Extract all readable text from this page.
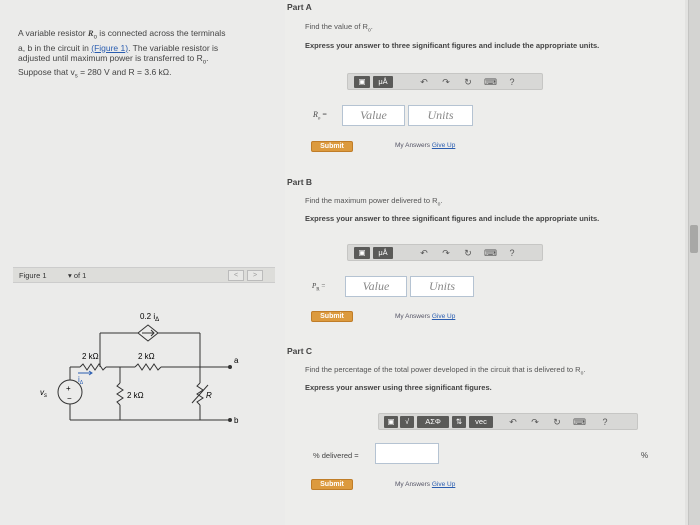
A variable resistor $R_o$ is connected across the terminals
a, b in the circuit in (Figure 1). The variable resistor is
adjusted until maximum power is transferred to $R_o$.
Suppose that $v_s = 280$ V and R = 3.6 kΩ.
Figure 1	▾ of 1	<	>
0.2 $i_\Delta$
2 kΩ	2 kΩ
2 kΩ	R
$i_\Delta$
$v_s$
+
−
a
b
Part A
Find the value of $R_o$.
Express your answer to three significant figures and include the appropriate units.
▣	μÅ	↶ ↷ ↻ ⌨	?
$R_o$ =	Value	Units
Submit	My Answers Give Up
Part B
Find the maximum power delivered to $R_o$.
Express your answer to three significant figures and include the appropriate units.
▣	μÅ	↶ ↷ ↻ ⌨	?
$P_R$ =	Value	Units
Submit	My Answers Give Up
Part C
Find the percentage of the total power developed in the circuit that is delivered to $R_o$.
Express your answer using three significant figures.
▣	√	ΑΣΦ	⇅	vec	↶ ↷ ↻ ⌨	?
% delivered =	%
Submit	My Answers Give Up
